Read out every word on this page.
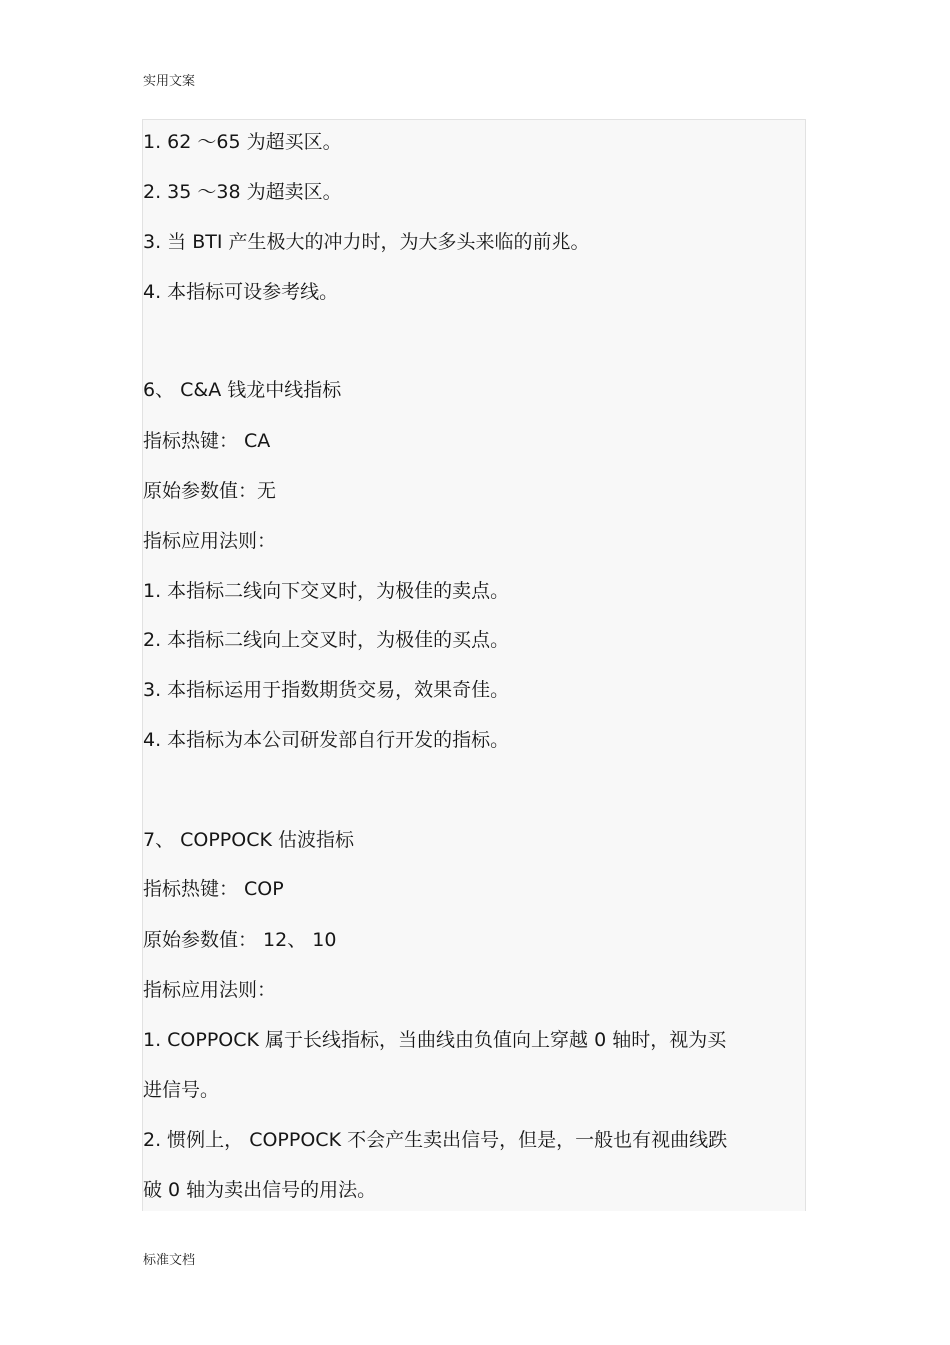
实用文案
1. 62 ～65 为超买区。
2. 35 ～38 为超卖区。
3. 当 BTI 产生极大的冲力时，为大多头来临的前兆。
4. 本指标可设参考线。
6、 C&A 钱龙中线指标
指标热键： CA
原始参数值：无
指标应用法则：
1. 本指标二线向下交叉时，为极佳的卖点。
2. 本指标二线向上交叉时，为极佳的买点。
3. 本指标运用于指数期货交易，效果奇佳。
4. 本指标为本公司研发部自行开发的指标。
7、 COPPOCK 估波指标
指标热键： COP
原始参数值： 12、 10
指标应用法则：
1. COPPOCK 属于长线指标，当曲线由负值向上穿越 0 轴时，视为买
进信号。
2. 惯例上， COPPOCK 不会产生卖出信号，但是，一般也有视曲线跌
破 0 轴为卖出信号的用法。
标准文档
